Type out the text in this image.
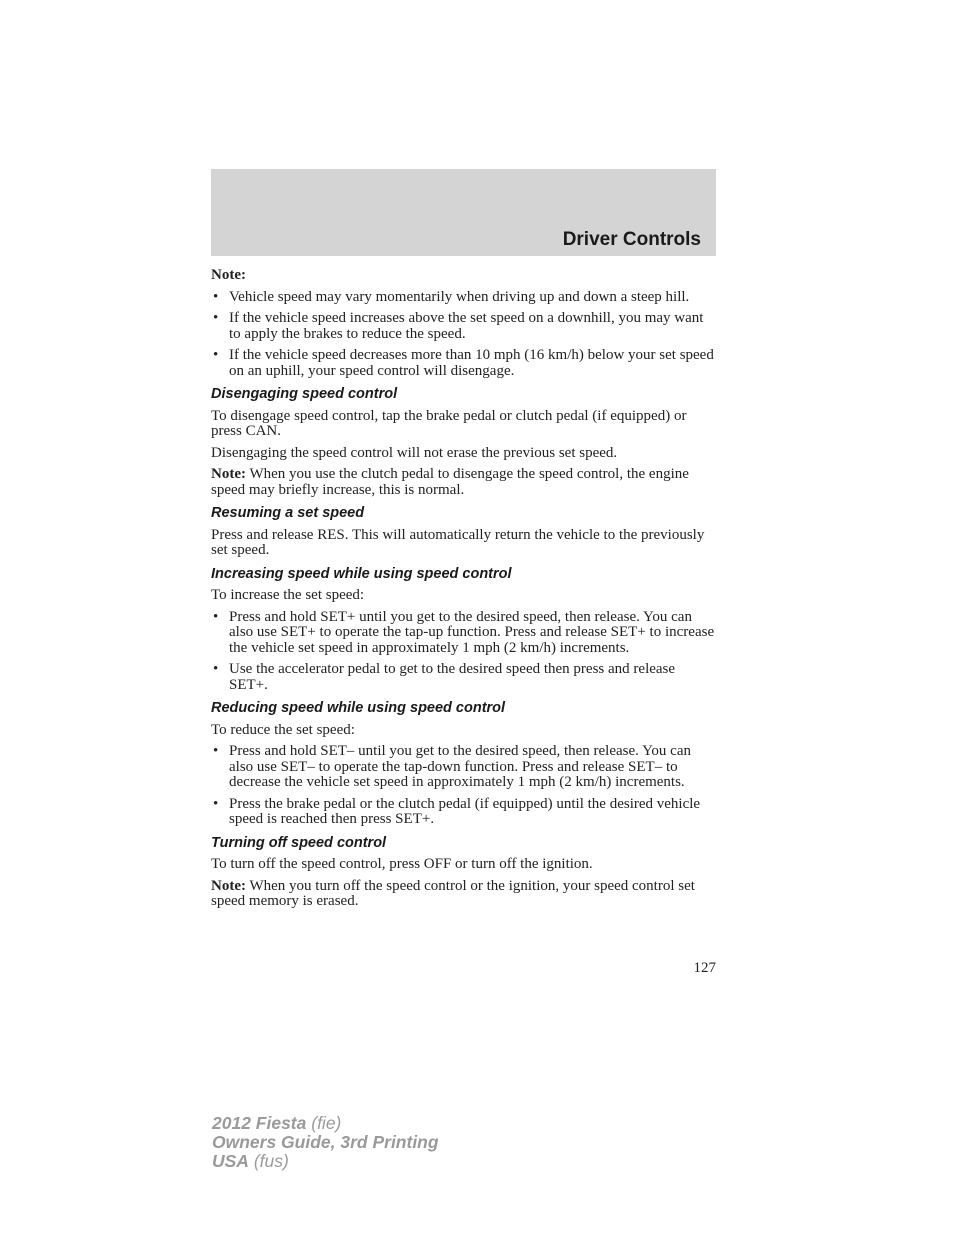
Driver Controls

Note:

• Vehicle speed may vary momentarily when driving up and down a steep hill.
• If the vehicle speed increases above the set speed on a downhill, you may want to apply the brakes to reduce the speed.
• If the vehicle speed decreases more than 10 mph (16 km/h) below your set speed on an uphill, your speed control will disengage.
Disengaging speed control

To disengage speed control, tap the brake pedal or clutch pedal (if equipped) or press CAN.

Disengaging the speed control will not erase the previous set speed.

Note: When you use the clutch pedal to disengage the speed control, the engine speed may briefly increase, this is normal.

Resuming a set speed

Press and release RES. This will automatically return the vehicle to the previously set speed.

Increasing speed while using speed control

To increase the set speed:

• Press and hold SET+ until you get to the desired speed, then release. You can also use SET+ to operate the tap-up function. Press and release SET+ to increase the vehicle set speed in approximately 1 mph (2 km/h) increments.
• Use the accelerator pedal to get to the desired speed then press and release SET+.
Reducing speed while using speed control

To reduce the set speed:

• Press and hold SET– until you get to the desired speed, then release. You can also use SET– to operate the tap-down function. Press and release SET– to decrease the vehicle set speed in approximately 1 mph (2 km/h) increments.
• Press the brake pedal or the clutch pedal (if equipped) until the desired vehicle speed is reached then press SET+.
Turning off speed control

To turn off the speed control, press OFF or turn off the ignition.

Note: When you turn off the speed control or the ignition, your speed control set speed memory is erased.

127
2012 Fiesta (fie)
Owners Guide, 3rd Printing
USA (fus)
